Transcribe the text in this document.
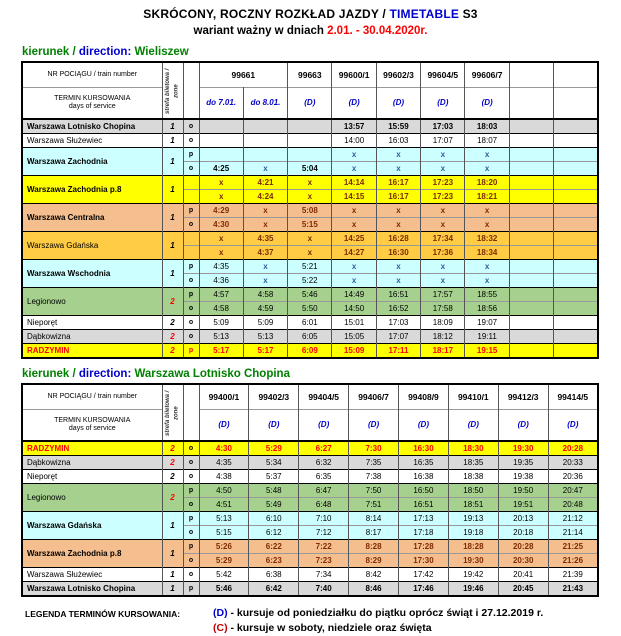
SKRÓCONY, ROCZNY ROZKŁAD JAZDY / TIMETABLE S3
wariant ważny w dniach 2.01. - 30.04.2020r.
kierunek / direction: Wieliszew
NR POCIĄGU / train number	strefa biletowa / zone		99661		99663	99600/1	99602/3	99604/5	99606/7		

TERMIN KURSOWANIA
days of service			do 7.01.	do 8.01.	(D)	(D)	(D)	(D)	(D)		
Warszawa Lotnisko Chopina	1	o				13:57	15:59	17:03	18:03		
Warszawa Służewiec	1	o				14:00	16:03	17:07	18:07		
Warszawa Zachodnia	1	p				x	x	x	x		
		o	4:25	x	5:04	x	x	x	x		
Warszawa Zachodnia p.8	1		x	4:21	x	14:14	16:17	17:23	18:20		
			x	4:24	x	14:15	16:17	17:23	18:21		
Warszawa Centralna	1	p	4:29	x	5:08	x	x	x	x		
		o	4:30	x	5:15	x	x	x	x		
Warszawa Gdańska	1		x	4:35	x	14:25	16:28	17:34	18:32		
			x	4:37	x	14:27	16:30	17:36	18:34		
Warszawa Wschodnia	1	p	4:35	x	5:21	x	x	x	x		
		o	4:36	x	5:22	x	x	x	x		
Legionowo	2	p	4:57	4:58	5:46	14:49	16:51	17:57	18:55		
		o	4:58	4:59	5:50	14:50	16:52	17:58	18:56		
Nieporęt	2	o	5:09	5:09	6:01	15:01	17:03	18:09	19:07		
Dąbkowizna	2	o	5:13	5:13	6:05	15:05	17:07	18:12	19:11		
RADZYMIN	2	p	5:17	5:17	6:09	15:09	17:11	18:17	19:15		
kierunek / direction: Warszawa Lotnisko Chopina
NR POCIĄGU / train number	strefa biletowa / zone		99400/1	99402/3	99404/5	99406/7	99408/9	99410/1	99412/3	99414/5

TERMIN KURSOWANIA
days of service			(D)	(D)	(D)	(D)	(D)	(D)	(D)	(D)
RADZYMIN	2	o	4:30	5:29	6:27	7:30	16:30	18:30	19:30	20:28
Dąbkowizna	2	o	4:35	5:34	6:32	7:35	16:35	18:35	19:35	20:33
Nieporęt	2	o	4:38	5:37	6:35	7:38	16:38	18:38	19:38	20:36
Legionowo	2	p	4:50	5:48	6:47	7:50	16:50	18:50	19:50	20:47
		o	4:51	5:49	6:48	7:51	16:51	18:51	19:51	20:48
Warszawa Gdańska	1	p	5:13	6:10	7:10	8:14	17:13	19:13	20:13	21:12
		o	5:15	6:12	7:12	8:17	17:18	19:18	20:18	21:14
Warszawa Zachodnia p.8	1	p	5:26	6:22	7:22	8:28	17:28	18:28	20:28	21:25
		o	5:29	6:23	7:23	8:29	17:30	19:30	20:30	21:26
Warszawa Służewiec	1	o	5:42	6:38	7:34	8:42	17:42	19:42	20:41	21:39
Warszawa Lotnisko Chopina	1	p	5:46	6:42	7:40	8:46	17:46	19:46	20:45	21:43
LEGENDA TERMINÓW KURSOWANIA:	(D) - kursuje od poniedziałku do piątku oprócz świąt i 27.12.2019 r.
(C) - kursuje w soboty, niedziele oraz święta
